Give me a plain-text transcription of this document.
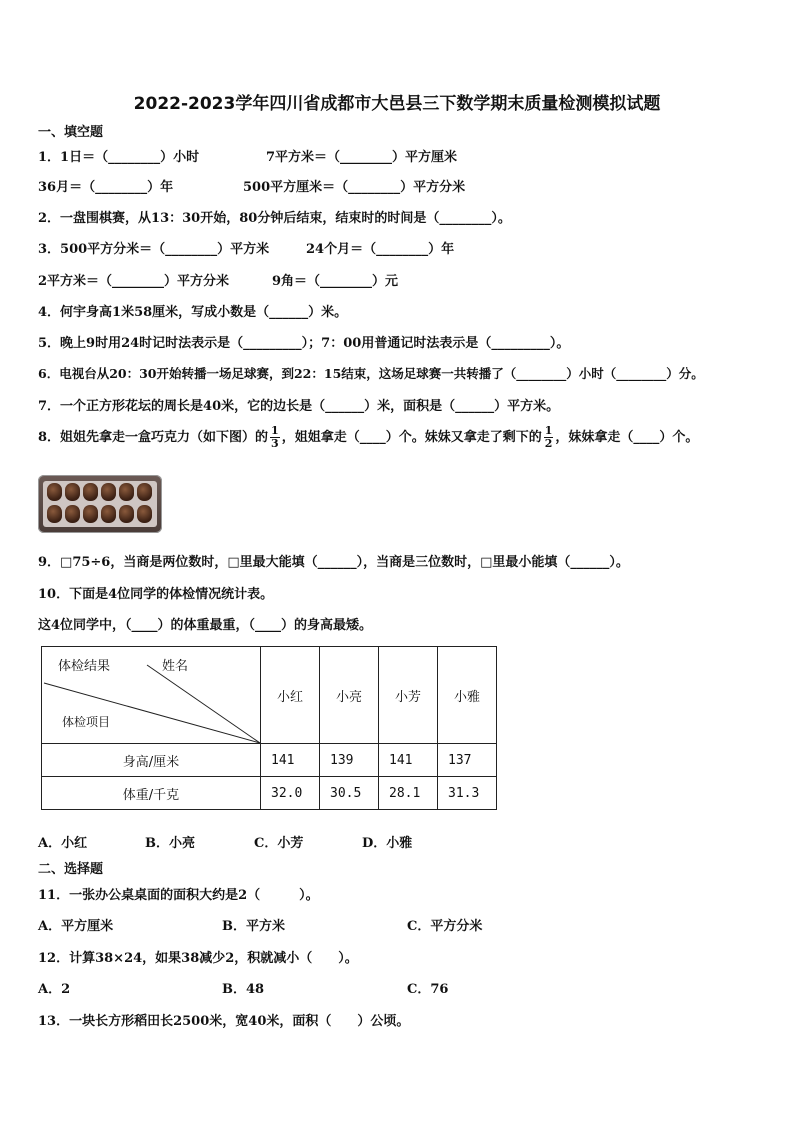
2022-2023学年四川省成都市大邑县三下数学期末质量检测模拟试题
一、填空题
1．1日＝（________）小时	7平方米＝（________）平方厘米
36月＝（________）年	500平方厘米＝（________）平方分米
2．一盘围棋赛，从13：30开始，80分钟后结束，结束时的时间是（________）。
3．500平方分米＝（________）平方米	24个月＝（________）年
2平方米＝（________）平方分米	9角＝（________）元
4．何宇身高1米58厘米，写成小数是（______）米。
5．晚上9时用24时记时法表示是（_________）；7：00用普通记时法表示是（_________）。
6．电视台从20：30开始转播一场足球赛，到22：15结束，这场足球赛一共转播了（________）小时（________）分。
7．一个正方形花坛的周长是40米，它的边长是（______）米，面积是（______）平方米。
8．姐姐先拿走一盒巧克力（如下图）的 $\frac{1}{3}$ ，姐姐拿走（____）个。妹妹又拿走了剩下的 $\frac{1}{2}$ ，妹妹拿走（____）个。
9．□75÷6，当商是两位数时，□里最大能填（______），当商是三位数时，□里最小能填（______）。
10．下面是4位同学的体检情况统计表。
这4位同学中，（____）的体重最重，（____）的身高最矮。
体检结果 姓名
体检项目	小红	小亮	小芳	小雅
身高/厘米	141	139	141	137
体重/千克	32.0	30.5	28.1	31.3
A．小红	B．小亮	C．小芳	D．小雅
二、选择题
11．一张办公桌桌面的面积大约是2（　　　）。
A．平方厘米	B．平方米	C．平方分米
12．计算38×24，如果38减少2，积就减小（　　）。
A．2	B．48	C．76
13．一块长方形稻田长2500米，宽40米，面积（　　）公顷。
